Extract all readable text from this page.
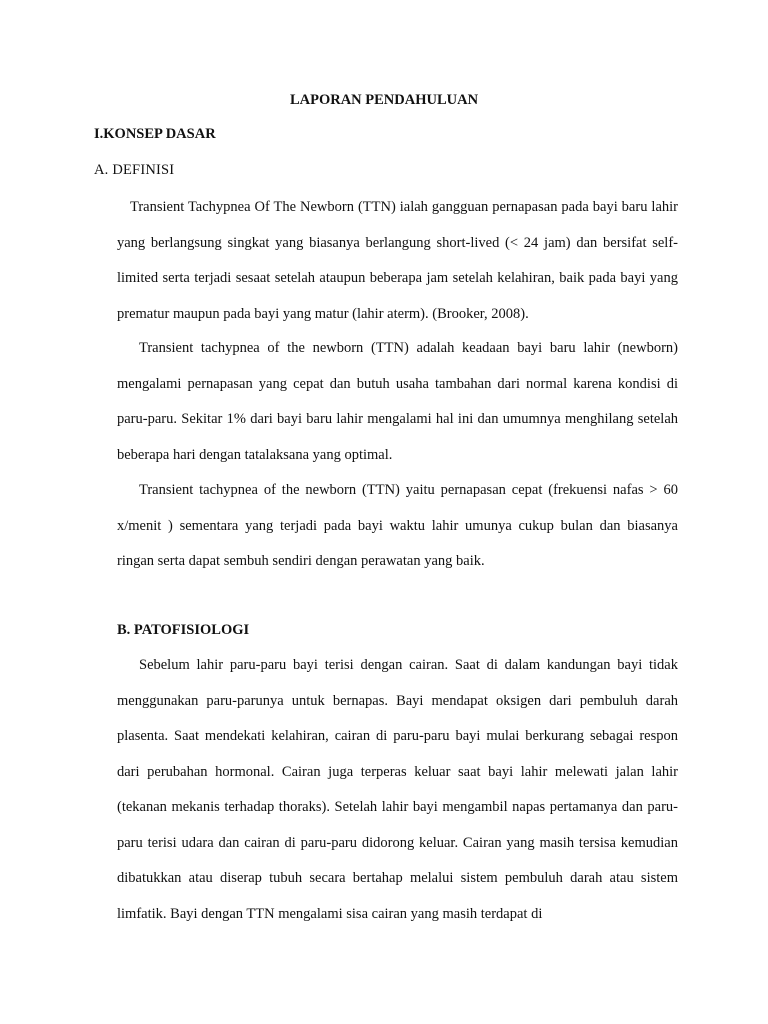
LAPORAN PENDAHULUAN
I.KONSEP DASAR
A. DEFINISI

Transient Tachypnea Of The Newborn (TTN) ialah gangguan pernapasan pada bayi baru lahir yang berlangsung singkat yang biasanya berlangung short-lived (< 24 jam) dan bersifat self-limited serta terjadi sesaat setelah ataupun beberapa jam setelah kelahiran, baik pada bayi yang prematur maupun pada bayi yang matur (lahir aterm). (Brooker, 2008).

Transient tachypnea of the newborn (TTN) adalah keadaan bayi baru lahir (newborn) mengalami pernapasan yang cepat dan butuh usaha tambahan dari normal karena kondisi di paru-paru. Sekitar 1% dari bayi baru lahir mengalami hal ini dan umumnya menghilang setelah beberapa hari dengan tatalaksana yang optimal.

Transient tachypnea of the newborn (TTN) yaitu pernapasan cepat (frekuensi nafas > 60 x/menit ) sementara yang terjadi pada bayi waktu lahir umunya cukup bulan dan biasanya ringan serta dapat sembuh sendiri dengan perawatan yang baik.

B. PATOFISIOLOGI

Sebelum lahir paru-paru bayi terisi dengan cairan. Saat di dalam kandungan bayi tidak menggunakan paru-parunya untuk bernapas. Bayi mendapat oksigen dari pembuluh darah plasenta. Saat mendekati kelahiran, cairan di paru-paru bayi mulai berkurang sebagai respon dari perubahan hormonal. Cairan juga terperas keluar saat bayi lahir melewati jalan lahir (tekanan mekanis terhadap thoraks). Setelah lahir bayi mengambil napas pertamanya dan paru-paru terisi udara dan cairan di paru-paru didorong keluar. Cairan yang masih tersisa kemudian dibatukkan atau diserap tubuh secara bertahap melalui sistem pembuluh darah atau sistem limfatik. Bayi dengan TTN mengalami sisa cairan yang masih terdapat di
